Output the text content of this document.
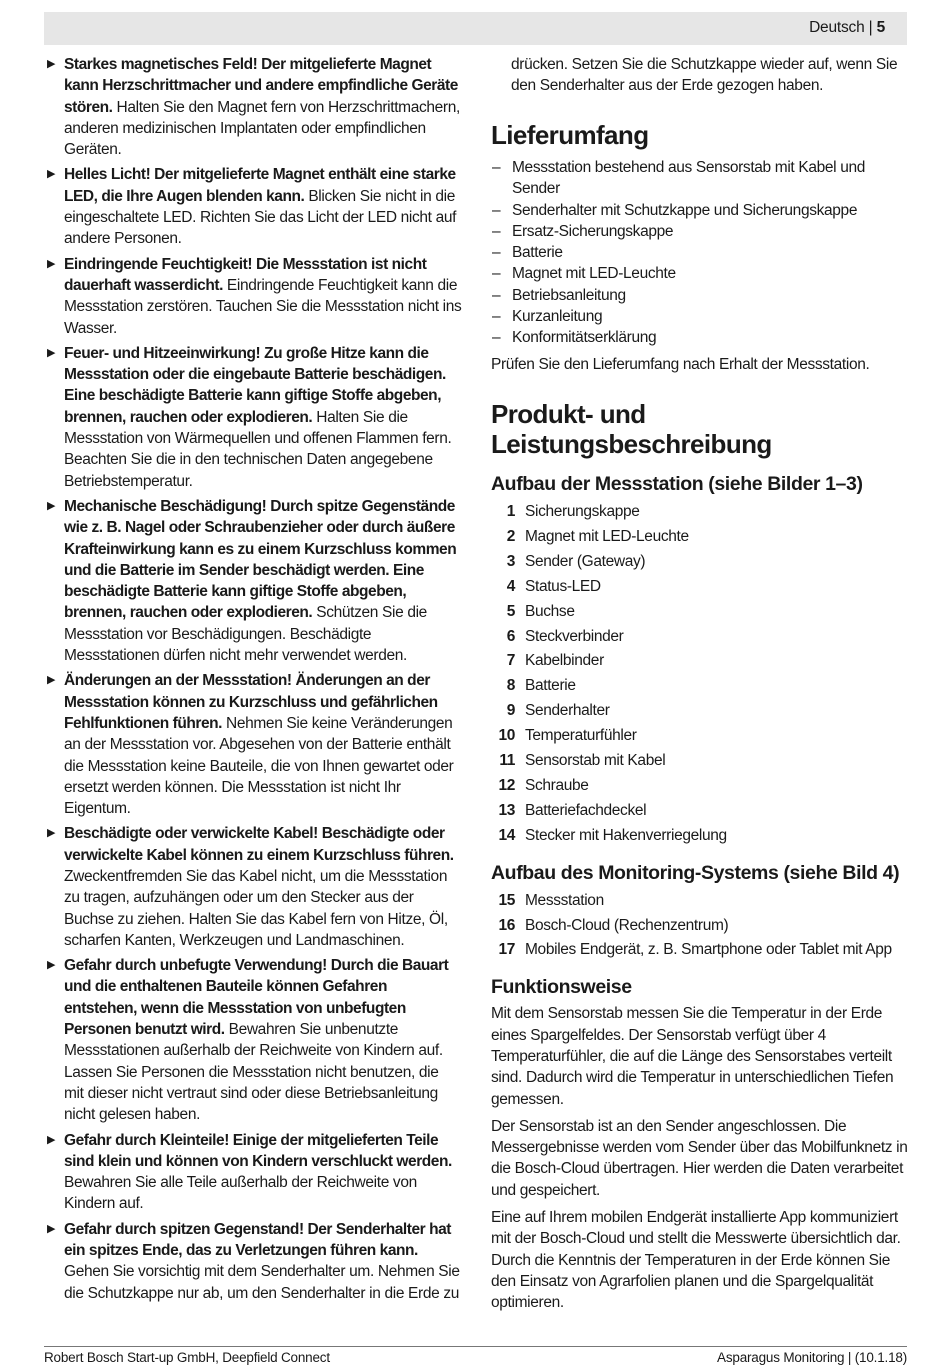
Deutsch | 5
▶ Starkes magnetisches Feld! Der mitgelieferte Magnet kann Herzschrittmacher und andere empfindliche Geräte stören. Halten Sie den Magnet fern von Herzschrittmachern, anderen medizinischen Implantaten oder empfindlichen Geräten.
▶ Helles Licht! Der mitgelieferte Magnet enthält eine starke LED, die Ihre Augen blenden kann. Blicken Sie nicht in die eingeschaltete LED. Richten Sie das Licht der LED nicht auf andere Personen.
▶ Eindringende Feuchtigkeit! Die Messstation ist nicht dauerhaft wasserdicht. Eindringende Feuchtigkeit kann die Messstation zerstören. Tauchen Sie die Messstation nicht ins Wasser.
▶ Feuer- und Hitzeeinwirkung! Zu große Hitze kann die Messstation oder die eingebaute Batterie beschädigen. Eine beschädigte Batterie kann giftige Stoffe abgeben, brennen, rauchen oder explodieren. Halten Sie die Messstation von Wärmequellen und offenen Flammen fern. Beachten Sie die in den technischen Daten angegebene Betriebstemperatur.
▶ Mechanische Beschädigung! Durch spitze Gegenstände wie z. B. Nagel oder Schraubenzieher oder durch äußere Krafteinwirkung kann es zu einem Kurzschluss kommen und die Batterie im Sender beschädigt werden. Eine beschädigte Batterie kann giftige Stoffe abgeben, brennen, rauchen oder explodieren. Schützen Sie die Messstation vor Beschädigungen. Beschädigte Messstationen dürfen nicht mehr verwendet werden.
▶ Änderungen an der Messstation! Änderungen an der Messstation können zu Kurzschluss und gefährlichen Fehlfunktionen führen. Nehmen Sie keine Veränderungen an der Messstation vor. Abgesehen von der Batterie enthält die Messstation keine Bauteile, die von Ihnen gewartet oder ersetzt werden können. Die Messstation ist nicht Ihr Eigentum.
▶ Beschädigte oder verwickelte Kabel! Beschädigte oder verwickelte Kabel können zu einem Kurzschluss führen. Zweckentfremden Sie das Kabel nicht, um die Messstation zu tragen, aufzuhängen oder um den Stecker aus der Buchse zu ziehen. Halten Sie das Kabel fern von Hitze, Öl, scharfen Kanten, Werkzeugen und Landmaschinen.
▶ Gefahr durch unbefugte Verwendung! Durch die Bauart und die enthaltenen Bauteile können Gefahren entstehen, wenn die Messstation von unbefugten Personen benutzt wird. Bewahren Sie unbenutzte Messstationen außerhalb der Reichweite von Kindern auf. Lassen Sie Personen die Messstation nicht benutzen, die mit dieser nicht vertraut sind oder diese Betriebsanleitung nicht gelesen haben.
▶ Gefahr durch Kleinteile! Einige der mitgelieferten Teile sind klein und können von Kindern verschluckt werden. Bewahren Sie alle Teile außerhalb der Reichweite von Kindern auf.
▶ Gefahr durch spitzen Gegenstand! Der Senderhalter hat ein spitzes Ende, das zu Verletzungen führen kann. Gehen Sie vorsichtig mit dem Senderhalter um. Nehmen Sie die Schutzkappe nur ab, um den Senderhalter in die Erde zu
drücken. Setzen Sie die Schutzkappe wieder auf, wenn Sie den Senderhalter aus der Erde gezogen haben.
Lieferumfang
– Messstation bestehend aus Sensorstab mit Kabel und Sender
– Senderhalter mit Schutzkappe und Sicherungskappe
– Ersatz-Sicherungskappe
– Batterie
– Magnet mit LED-Leuchte
– Betriebsanleitung
– Kurzanleitung
– Konformitätserklärung
Prüfen Sie den Lieferumfang nach Erhalt der Messstation.
Produkt- und Leistungsbeschreibung
Aufbau der Messstation (siehe Bilder 1–3)
1 Sicherungskappe
2 Magnet mit LED-Leuchte
3 Sender (Gateway)
4 Status-LED
5 Buchse
6 Steckverbinder
7 Kabelbinder
8 Batterie
9 Senderhalter
10 Temperaturfühler
11 Sensorstab mit Kabel
12 Schraube
13 Batteriefachdeckel
14 Stecker mit Hakenverriegelung
Aufbau des Monitoring-Systems (siehe Bild 4)
15 Messstation
16 Bosch-Cloud (Rechenzentrum)
17 Mobiles Endgerät, z. B. Smartphone oder Tablet mit App
Funktionsweise
Mit dem Sensorstab messen Sie die Temperatur in der Erde eines Spargelfeldes. Der Sensorstab verfügt über 4 Temperaturfühler, die auf die Länge des Sensorstabes verteilt sind. Dadurch wird die Temperatur in unterschiedlichen Tiefen gemessen.
Der Sensorstab ist an den Sender angeschlossen. Die Messergebnisse werden vom Sender über das Mobilfunknetz in die Bosch-Cloud übertragen. Hier werden die Daten verarbeitet und gespeichert.
Eine auf Ihrem mobilen Endgerät installierte App kommuniziert mit der Bosch-Cloud und stellt die Messwerte übersichtlich dar. Durch die Kenntnis der Temperaturen in der Erde können Sie den Einsatz von Agrarfolien planen und die Spargelqualität optimieren.
Robert Bosch Start-up GmbH, Deepfield Connect	Asparagus Monitoring | (10.1.18)
